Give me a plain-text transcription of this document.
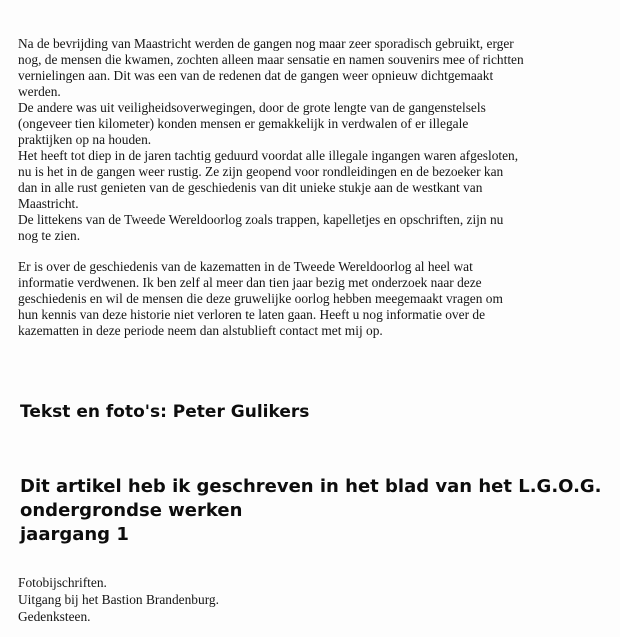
Na de bevrijding van Maastricht werden de gangen nog maar zeer sporadisch gebruikt, erger
nog, de mensen die kwamen, zochten alleen maar sensatie en namen souvenirs mee of richtten
vernielingen aan. Dit was een van de redenen dat de gangen weer opnieuw dichtgemaakt
werden.
De andere was uit veiligheidsoverwegingen, door de grote lengte van de gangenstelsels
(ongeveer tien kilometer) konden mensen er gemakkelijk in verdwalen of er illegale
praktijken op na houden.
Het heeft tot diep in de jaren tachtig geduurd voordat alle illegale ingangen waren afgesloten,
nu is het in de gangen weer rustig. Ze zijn geopend voor rondleidingen en de bezoeker kan
dan in alle rust genieten van de geschiedenis van dit unieke stukje aan de westkant van
Maastricht.
De littekens van de Tweede Wereldoorlog zoals trappen, kapelletjes en opschriften, zijn nu
nog te zien.
Er is over de geschiedenis van de kazematten in de Tweede Wereldoorlog al heel wat
informatie verdwenen. Ik ben zelf al meer dan tien jaar bezig met onderzoek naar deze
geschiedenis en wil de mensen die deze gruwelijke oorlog hebben meegemaakt vragen om
hun kennis van deze historie niet verloren te laten gaan. Heeft u nog informatie over de
kazematten in deze periode neem dan alstublieft contact met mij op.
Tekst en foto's: Peter Gulikers
Dit artikel heb ik geschreven in het blad van het L.G.O.G.
ondergrondse werken
jaargang 1
Fotobijschriften.
Uitgang bij het Bastion Brandenburg.
Gedenksteen.
